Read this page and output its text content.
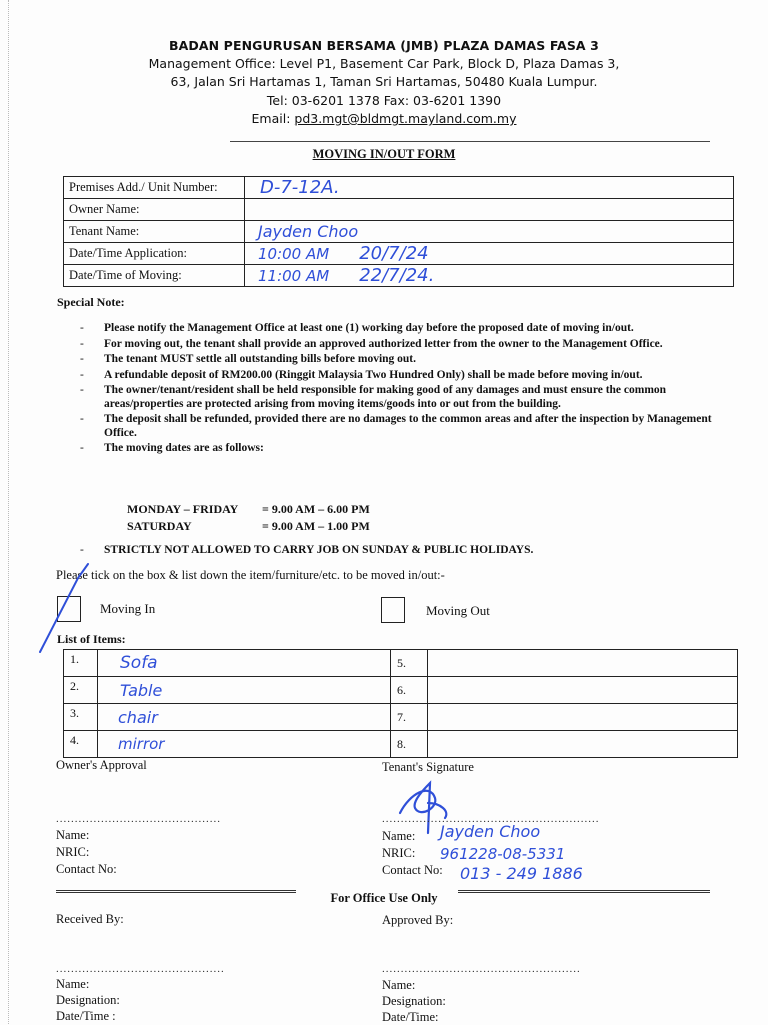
BADAN PENGURUSAN BERSAMA (JMB) PLAZA DAMAS FASA 3
Management Office: Level P1, Basement Car Park, Block D, Plaza Damas 3,
63, Jalan Sri Hartamas 1, Taman Sri Hartamas, 50480 Kuala Lumpur.
Tel: 03-6201 1378 Fax: 03-6201 1390
Email: pd3.mgt@bldmgt.mayland.com.my
MOVING IN/OUT FORM
Premises Add./ Unit Number:	D-7-12A.
Owner Name:	
Tenant Name:	Jayden Choo
Date/Time Application:	10:00 AM 20/7/24
Date/Time of Moving:	11:00 AM 22/7/24.
Special Note:
- Please notify the Management Office at least one (1) working day before the proposed date of moving in/out.
- For moving out, the tenant shall provide an approved authorized letter from the owner to the Management Office.
- The tenant MUST settle all outstanding bills before moving out.
- A refundable deposit of RM200.00 (Ringgit Malaysia Two Hundred Only) shall be made before moving in/out.
- The owner/tenant/resident shall be held responsible for making good of any damages and must ensure the common areas/properties are protected arising from moving items/goods into or out from the building.
- The deposit shall be refunded, provided there are no damages to the common areas and after the inspection by Management Office.
- The moving dates are as follows:
MONDAY – FRIDAY = 9.00 AM – 6.00 PM
SATURDAY	= 9.00 AM – 1.00 PM
- STRICTLY NOT ALLOWED TO CARRY JOB ON SUNDAY & PUBLIC HOLIDAYS.
Please tick on the box & list down the item/furniture/etc. to be moved in/out:-
Moving In	Moving Out
List of Items:
1.	Sofa	5.	
2.	Table	6.	
3.	chair	7.	
4.	mirror	8.	
Owner's Approval
............................................
Name:
NRIC:
Contact No:
Tenant's Signature
..........................................................
Name: Jayden Choo
NRIC: 961228-08-5331
Contact No: 013 - 249 1886
For Office Use Only
Received By:
.............................................
Name:
Designation:
Date/Time :
Approved By:
.....................................................
Name:
Designation:
Date/Time:
